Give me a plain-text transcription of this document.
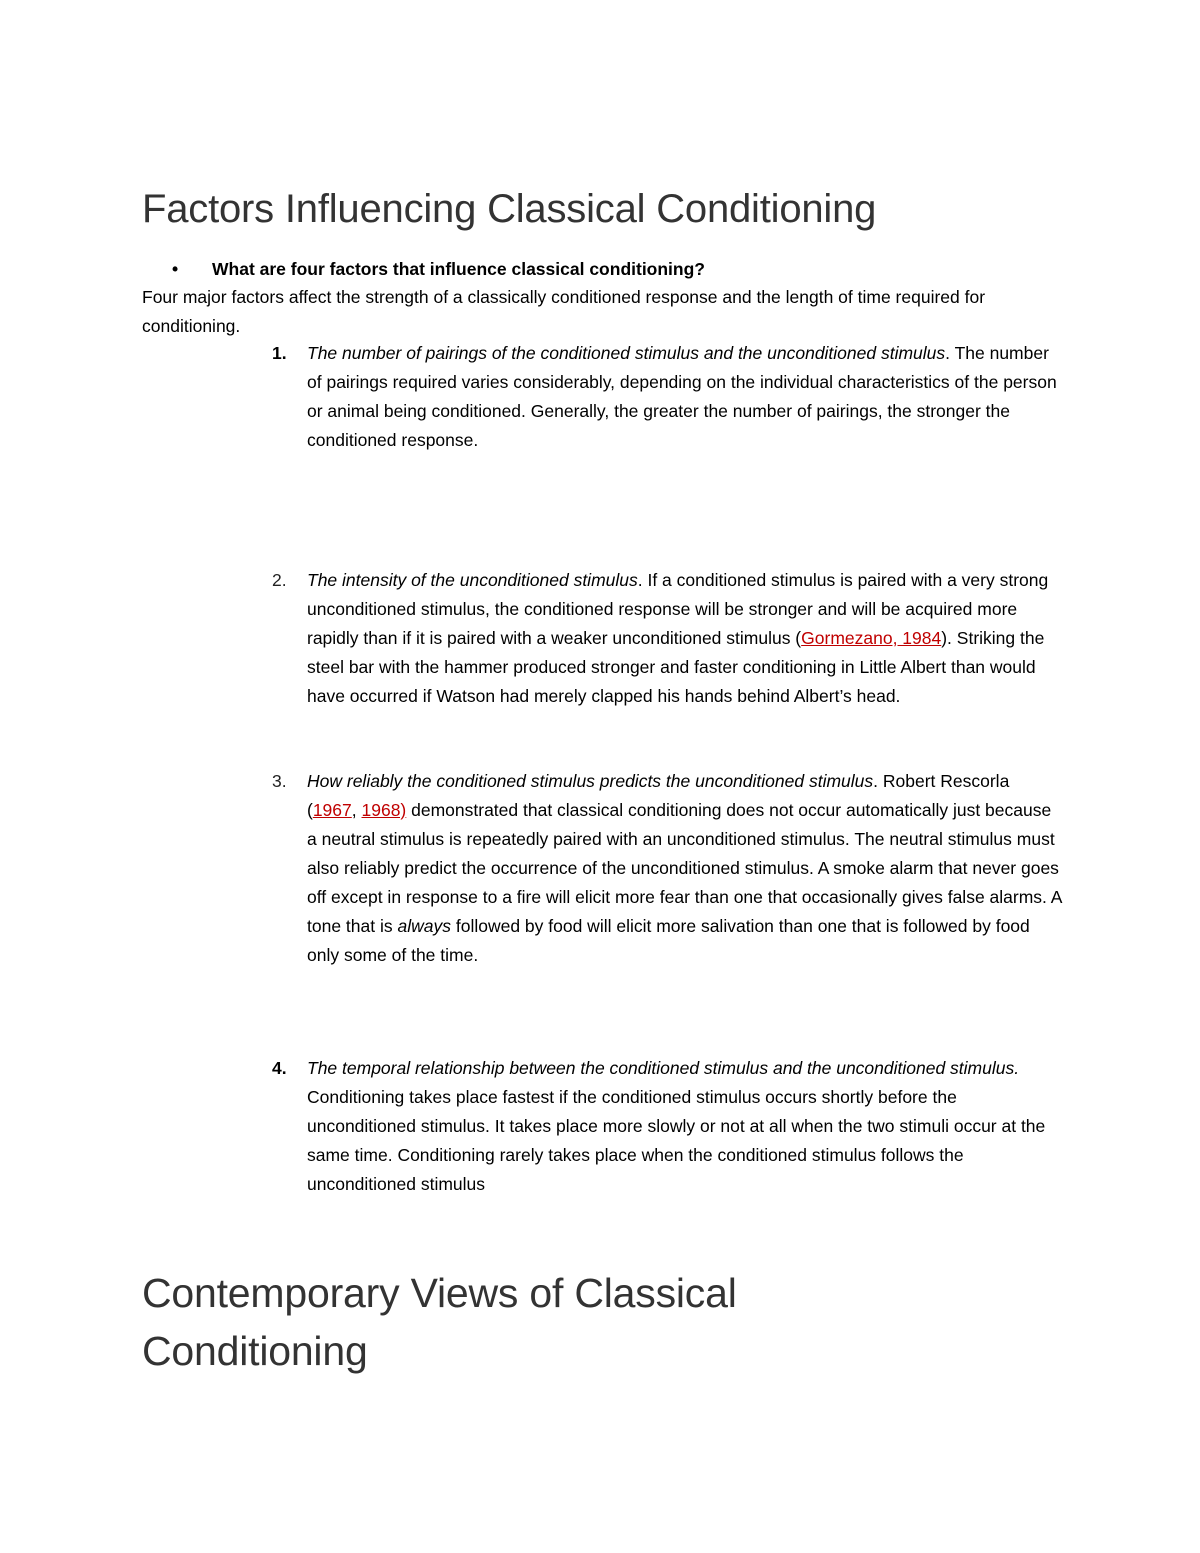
Factors Influencing Classical Conditioning
• What are four factors that influence classical conditioning?
Four major factors affect the strength of a classically conditioned response and the length of time required for conditioning.
1.	The number of pairings of the conditioned stimulus and the unconditioned stimulus. The number of pairings required varies considerably, depending on the individual characteristics of the person or animal being conditioned. Generally, the greater the number of pairings, the stronger the conditioned response.
2.	The intensity of the unconditioned stimulus. If a conditioned stimulus is paired with a very strong unconditioned stimulus, the conditioned response will be stronger and will be acquired more rapidly than if it is paired with a weaker unconditioned stimulus (Gormezano, 1984). Striking the steel bar with the hammer produced stronger and faster conditioning in Little Albert than would have occurred if Watson had merely clapped his hands behind Albert’s head.
3.	How reliably the conditioned stimulus predicts the unconditioned stimulus. Robert Rescorla (1967, 1968) demonstrated that classical conditioning does not occur automatically just because a neutral stimulus is repeatedly paired with an unconditioned stimulus. The neutral stimulus must also reliably predict the occurrence of the unconditioned stimulus. A smoke alarm that never goes off except in response to a fire will elicit more fear than one that occasionally gives false alarms. A tone that is always followed by food will elicit more salivation than one that is followed by food only some of the time.
4.	The temporal relationship between the conditioned stimulus and the unconditioned stimulus. Conditioning takes place fastest if the conditioned stimulus occurs shortly before the unconditioned stimulus. It takes place more slowly or not at all when the two stimuli occur at the same time. Conditioning rarely takes place when the conditioned stimulus follows the unconditioned stimulus
Contemporary Views of Classical Conditioning
